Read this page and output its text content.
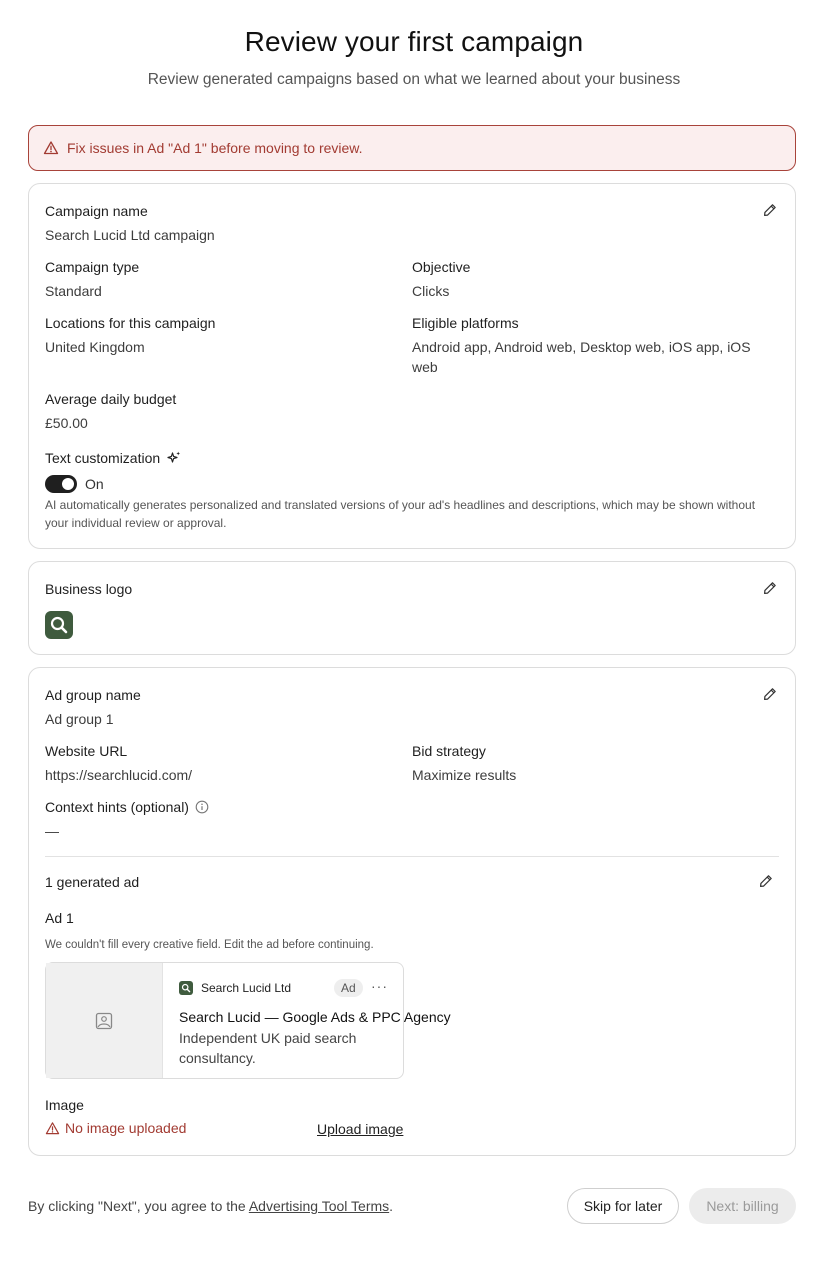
Review your first campaign
Review generated campaigns based on what we learned about your business
Fix issues in Ad "Ad 1" before moving to review.
Campaign name
Search Lucid Ltd campaign
Campaign type
Standard
Objective
Clicks
Locations for this campaign
United Kingdom
Eligible platforms
Android app, Android web, Desktop web, iOS app, iOS web
Average daily budget
£50.00
Text customization
On
AI automatically generates personalized and translated versions of your ad's headlines and descriptions, which may be shown without your individual review or approval.
Business logo
Ad group name
Ad group 1
Website URL
https://searchlucid.com/
Bid strategy
Maximize results
Context hints (optional)
—
1 generated ad
Ad 1
We couldn't fill every creative field. Edit the ad before continuing.
Search Lucid Ltd	Ad	···
Search Lucid — Google Ads & PPC Agency
Independent UK paid search consultancy.
Image
No image uploaded	Upload image
By clicking "Next", you agree to the Advertising Tool Terms.	Skip for later	Next: billing
